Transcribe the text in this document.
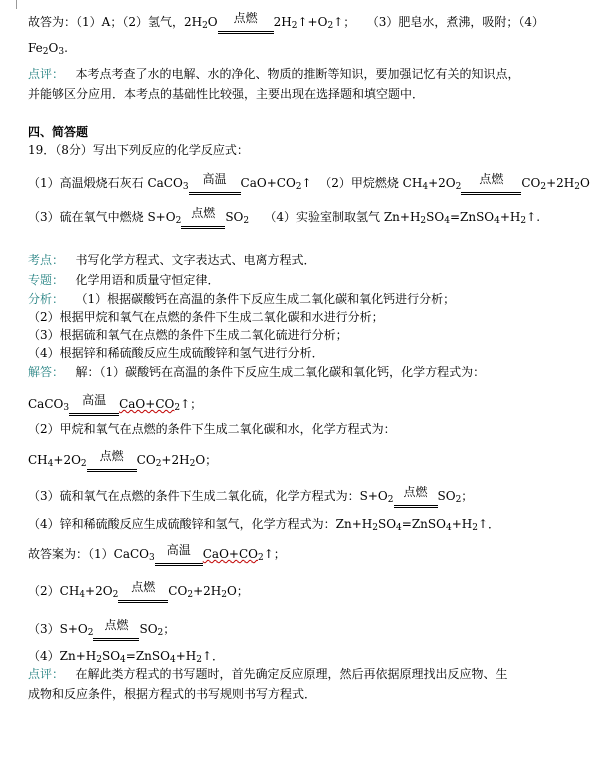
故答为：（1）A；（2）氢气，$2H_2O$	点燃	$2H_2↑+O_2↑$； （3）肥皂水，煮沸，吸附；（4）
$Fe_2O_3$.
点评： 本考点考查了水的电解、水的净化、物质的推断等知识，要加强记忆有关的知识点，
并能够区分应用．本考点的基础性比较强，主要出现在选择题和填空题中．
四、简答题
19．（8分）写出下列反应的化学反应式：
（1）高温煅烧石灰石 CaCO$_3$
高温	$CaO+CO_2↑$ （2）甲烷燃烧 $CH_4+2O_2$
点燃	$CO_2+2H_2O$
（3）硫在氧气中燃烧 $S+O_2$
点燃 $SO_2$ （4）实验室制取氢气 $Zn+H_2SO_4=ZnSO_4+H_2↑$.
考点： 书写化学方程式、文字表达式、电离方程式．
专题： 化学用语和质量守恒定律．
分析： （1）根据碳酸钙在高温的条件下反应生成二氧化碳和氧化钙进行分析；
（2）根据甲烷和氧气在点燃的条件下生成二氧化碳和水进行分析；
（3）根据硫和氧气在点燃的条件下生成二氧化硫进行分析；
（4）根据锌和稀硫酸反应生成硫酸锌和氢气进行分析．
解答： 解：（1）碳酸钙在高温的条件下反应生成二氧化碳和氧化钙，化学方程式为：
CaCO$_3$
高温	$CaO+CO_2↑$；
（2）甲烷和氧气在点燃的条件下生成二氧化碳和水，化学方程式为：
$CH_4+2O_2$
点燃	$CO_2+2H_2O$；
（3）硫和氧气在点燃的条件下生成二氧化硫，化学方程式为：$S+O_2$
点燃 $SO_2$；
（4）锌和稀硫酸反应生成硫酸锌和氢气，化学方程式为：$Zn+H_2SO_4=ZnSO_4+H_2↑$．
故答案为：（1）CaCO$_3$
高温	$CaO+CO_2↑$；
$(2)CH_4+2O_2$
点燃	$CO_2+2H_2O$；
$(3)S+O_2$
点燃 $SO_2$；
$(4)Zn+H_2SO_4=ZnSO_4+H_2↑$．
点评： 在解此类方程式的书写题时，首先确定反应原理，然后再依据原理找出反应物、生
成物和反应条件，根据方程式的书写规则书写方程式．
